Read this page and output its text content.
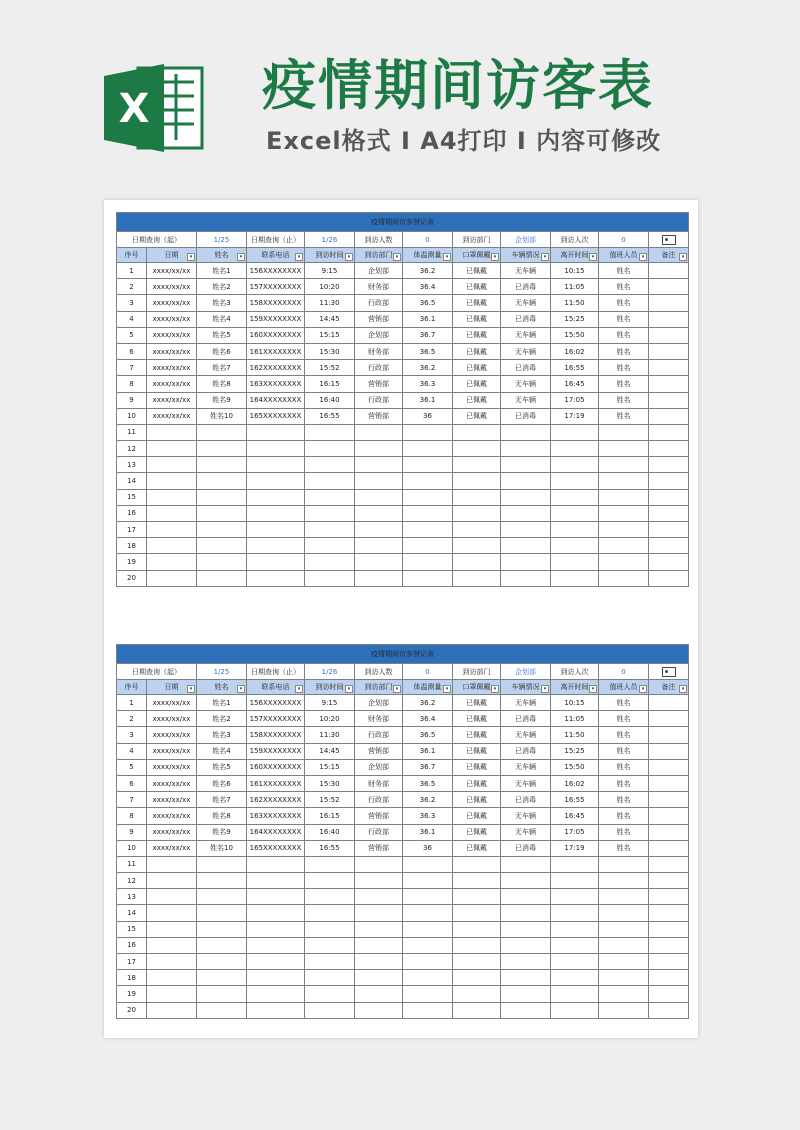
X 疫情期间访客表
Excel格式 I A4打印 I 内容可修改
疫情期间访客登记表											
日期查询（起）		1/25	日期查询（止）	1/26	到访人数	0	到访部门	企划部	到访人次	0	
序号	日期 ▾	姓名 ▾	联系电话 ▾	到访时间 ▾	到访部门 ▾	体温测量 ▾	口罩佩戴 ▾	车辆情况 ▾	离开时间 ▾	值班人员 ▾	备注 ▾

1	xxxx/xx/xx	姓名1	156XXXXXXXX	9:15	企划部	36.2	已佩戴	无车辆	10:15	姓名	
2	xxxx/xx/xx	姓名2	157XXXXXXXX	10:20	财务部	36.4	已佩戴	已消毒	11:05	姓名	
3	xxxx/xx/xx	姓名3	158XXXXXXXX	11:30	行政部	36.5	已佩戴	无车辆	11:50	姓名	
4	xxxx/xx/xx	姓名4	159XXXXXXXX	14:45	营销部	36.1	已佩戴	已消毒	15:25	姓名	
5	xxxx/xx/xx	姓名5	160XXXXXXXX	15:15	企划部	36.7	已佩戴	无车辆	15:50	姓名	
6	xxxx/xx/xx	姓名6	161XXXXXXXX	15:30	财务部	36.5	已佩戴	无车辆	16:02	姓名	
7	xxxx/xx/xx	姓名7	162XXXXXXXX	15:52	行政部	36.2	已佩戴	已消毒	16:55	姓名	
8	xxxx/xx/xx	姓名8	163XXXXXXXX	16:15	营销部	36.3	已佩戴	无车辆	16:45	姓名	
9	xxxx/xx/xx	姓名9	164XXXXXXXX	16:40	行政部	36.1	已佩戴	无车辆	17:05	姓名	
10	xxxx/xx/xx	姓名10	165XXXXXXXX	16:55	营销部	36	已佩戴	已消毒	17:19	姓名	
11											
12											
13											
14											
15											
16											
17											
18											
19											
20											
疫情期间访客登记表											
日期查询（起）		1/25	日期查询（止）	1/26	到访人数	0	到访部门	企划部	到访人次	0	
序号	日期 ▾	姓名 ▾	联系电话 ▾	到访时间 ▾	到访部门 ▾	体温测量 ▾	口罩佩戴 ▾	车辆情况 ▾	离开时间 ▾	值班人员 ▾	备注 ▾

1	xxxx/xx/xx	姓名1	156XXXXXXXX	9:15	企划部	36.2	已佩戴	无车辆	10:15	姓名	
2	xxxx/xx/xx	姓名2	157XXXXXXXX	10:20	财务部	36.4	已佩戴	已消毒	11:05	姓名	
3	xxxx/xx/xx	姓名3	158XXXXXXXX	11:30	行政部	36.5	已佩戴	无车辆	11:50	姓名	
4	xxxx/xx/xx	姓名4	159XXXXXXXX	14:45	营销部	36.1	已佩戴	已消毒	15:25	姓名	
5	xxxx/xx/xx	姓名5	160XXXXXXXX	15:15	企划部	36.7	已佩戴	无车辆	15:50	姓名	
6	xxxx/xx/xx	姓名6	161XXXXXXXX	15:30	财务部	36.5	已佩戴	无车辆	16:02	姓名	
7	xxxx/xx/xx	姓名7	162XXXXXXXX	15:52	行政部	36.2	已佩戴	已消毒	16:55	姓名	
8	xxxx/xx/xx	姓名8	163XXXXXXXX	16:15	营销部	36.3	已佩戴	无车辆	16:45	姓名	
9	xxxx/xx/xx	姓名9	164XXXXXXXX	16:40	行政部	36.1	已佩戴	无车辆	17:05	姓名	
10	xxxx/xx/xx	姓名10	165XXXXXXXX	16:55	营销部	36	已佩戴	已消毒	17:19	姓名	
11											
12											
13											
14											
15											
16											
17											
18											
19											
20											
